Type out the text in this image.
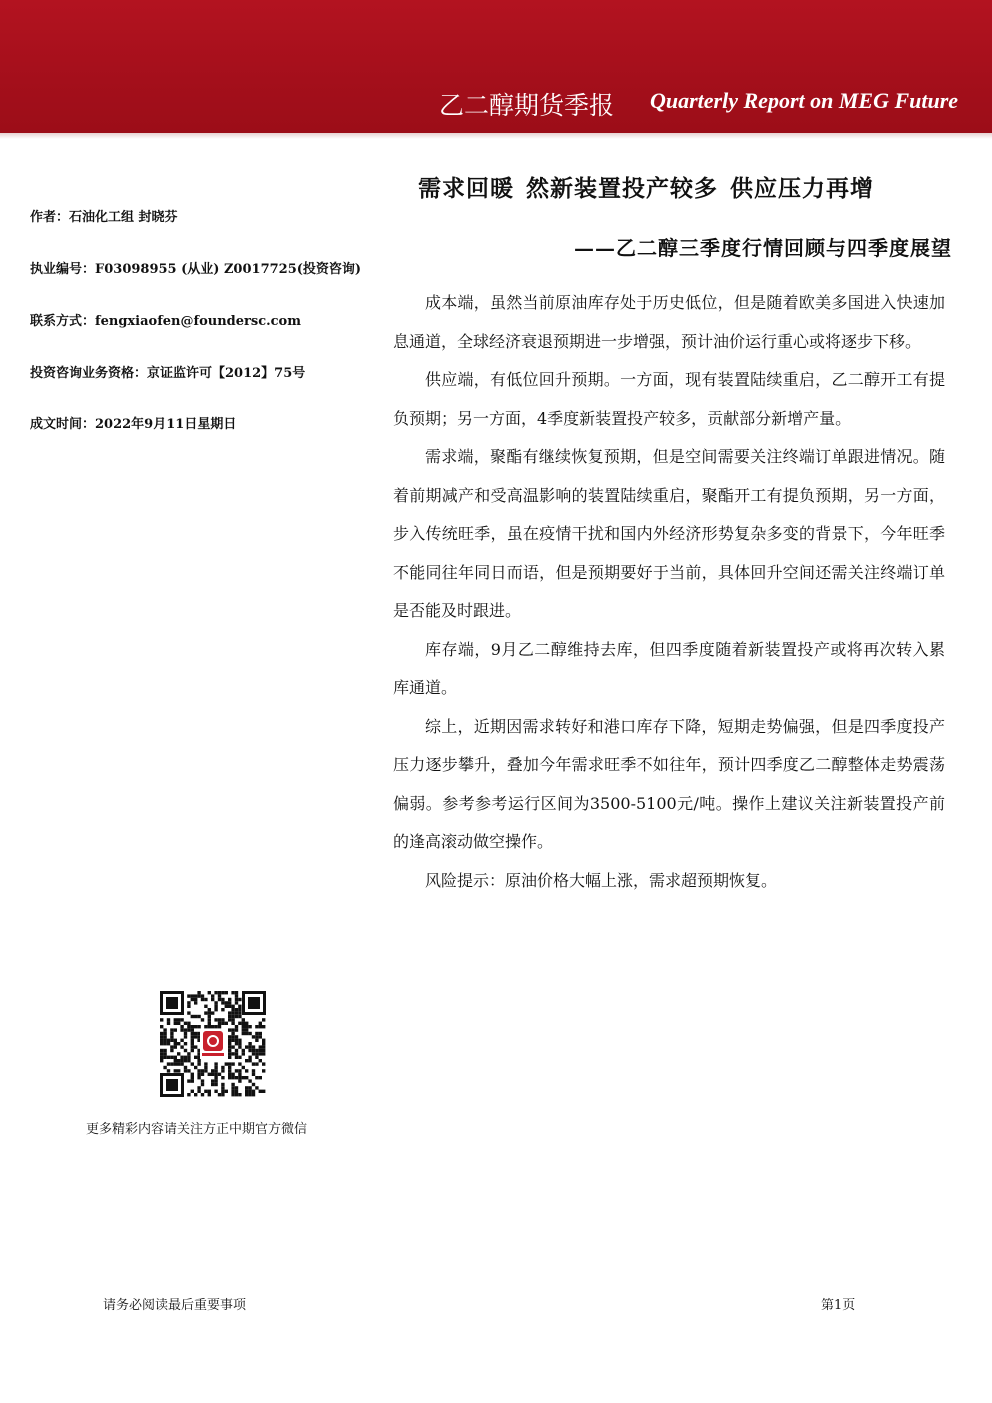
乙二醇期货季报 Quarterly Report on MEG Future
作者：石油化工组 封晓芬
执业编号：F03098955 (从业) Z0017725(投资咨询)
联系方式：fengxiaofen@foundersc.com
投资咨询业务资格：京证监许可【2012】75号
成文时间：2022年9月11日星期日
需求回暖 然新装置投产较多 供应压力再增
——乙二醇三季度行情回顾与四季度展望

成本端，虽然当前原油库存处于历史低位，但是随着欧美多国进入快速加息通道，全球经济衰退预期进一步增强，预计油价运行重心或将逐步下移。

供应端，有低位回升预期。一方面，现有装置陆续重启，乙二醇开工有提负预期；另一方面，4季度新装置投产较多，贡献部分新增产量。

需求端，聚酯有继续恢复预期，但是空间需要关注终端订单跟进情况。随着前期减产和受高温影响的装置陆续重启，聚酯开工有提负预期，另一方面，步入传统旺季，虽在疫情干扰和国内外经济形势复杂多变的背景下，今年旺季不能同往年同日而语，但是预期要好于当前，具体回升空间还需关注终端订单是否能及时跟进。

库存端，9月乙二醇维持去库，但四季度随着新装置投产或将再次转入累库通道。

综上，近期因需求转好和港口库存下降，短期走势偏强，但是四季度投产压力逐步攀升，叠加今年需求旺季不如往年，预计四季度乙二醇整体走势震荡偏弱。参考参考运行区间为3500-5100元/吨。操作上建议关注新装置投产前的逢高滚动做空操作。

风险提示：原油价格大幅上涨，需求超预期恢复。

更多精彩内容请关注方正中期官方微信
请务必阅读最后重要事项	第1页
